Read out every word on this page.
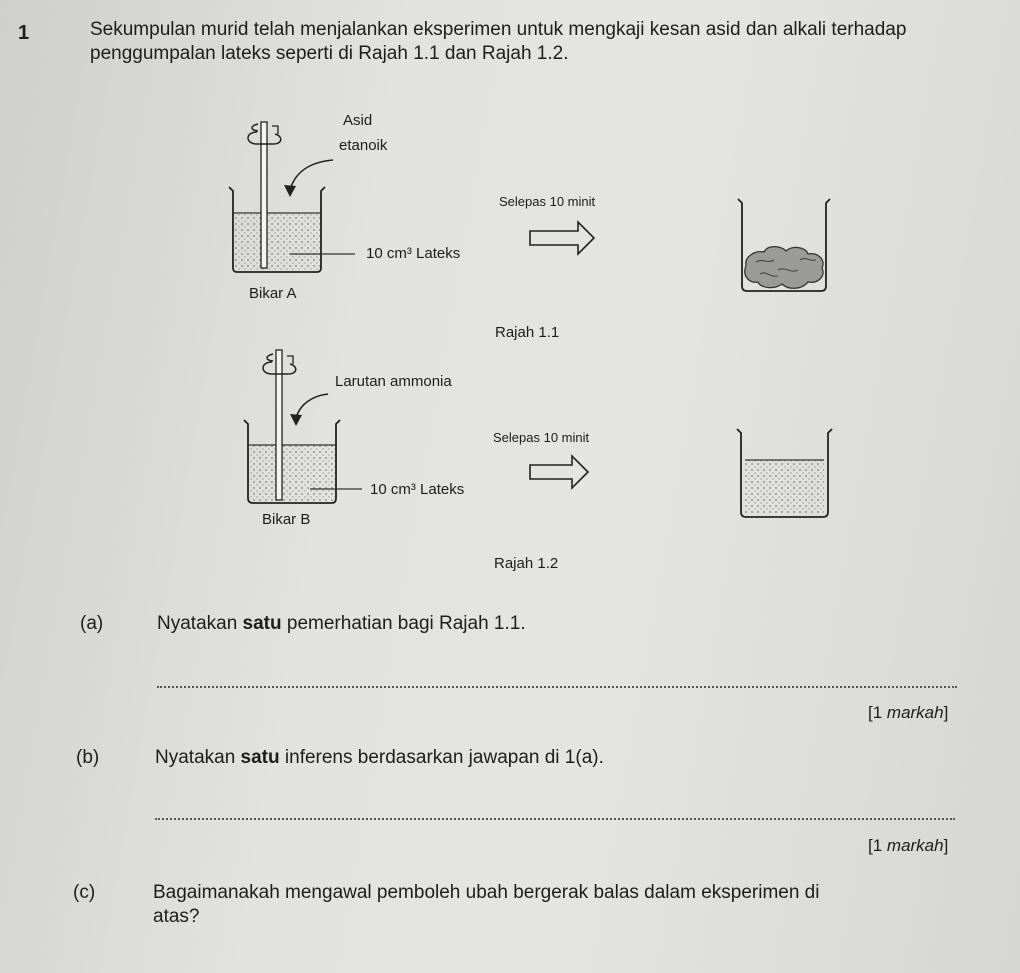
1	Sekumpulan murid telah menjalankan eksperimen untuk mengkaji kesan asid dan alkali terhadap penggumpalan lateks seperti di Rajah 1.1 dan Rajah 1.2.
Asid
etanoik
Selepas 10 minit
10 cm³ Lateks
Bikar A
Rajah 1.1
Larutan ammonia
Selepas 10 minit
10 cm³ Lateks
Bikar B
Rajah 1.2
(a)	Nyatakan satu pemerhatian bagi Rajah 1.1.
[1 markah]
(b)	Nyatakan satu inferens berdasarkan jawapan di 1(a).
[1 markah]
(c)	Bagaimanakah mengawal pemboleh ubah bergerak balas dalam eksperimen di
atas?
